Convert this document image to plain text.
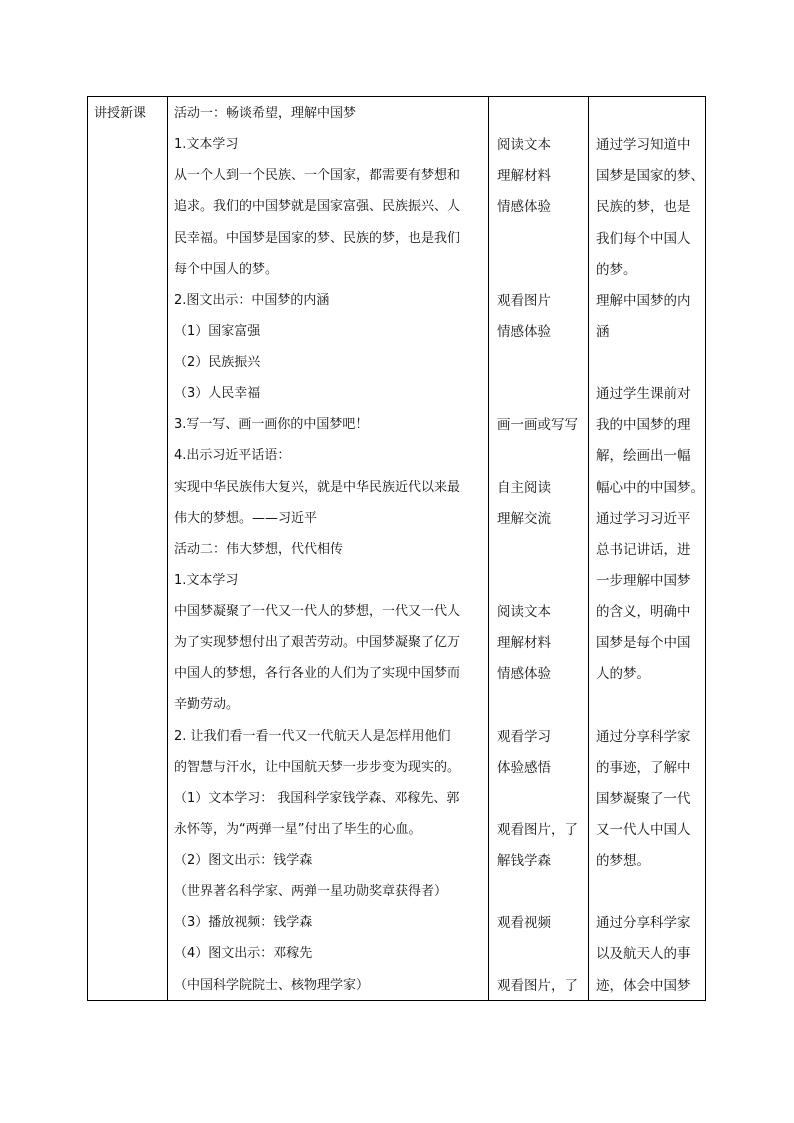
讲授新课 活动一：畅谈希望，理解中国梦
1.文本学习
从一个人到一个民族、一个国家，都需要有梦想和
追求。我们的中国梦就是国家富强、民族振兴、人
民幸福。中国梦是国家的梦、民族的梦，也是我们
每个中国人的梦。
2.图文出示：中国梦的内涵
（1）国家富强
（2）民族振兴
（3）人民幸福
3.写一写、画一画你的中国梦吧！
4.出示习近平话语：
实现中华民族伟大复兴，就是中华民族近代以来最
伟大的梦想。——习近平
活动二：伟大梦想，代代相传
1.文本学习
中国梦凝聚了一代又一代人的梦想，一代又一代人
为了实现梦想付出了艰苦劳动。中国梦凝聚了亿万
中国人的梦想，各行各业的人们为了实现中国梦而
辛勤劳动。
2. 让我们看一看一代又一代航天人是怎样用他们
的智慧与汗水，让中国航天梦一步步变为现实的。
（1）文本学习： 我国科学家钱学森、邓稼先、郭
永怀等，为“两弹一星”付出了毕生的心血。
（2）图文出示：钱学森
（世界著名科学家、两弹一星功勋奖章获得者）
（3）播放视频：钱学森
（4）图文出示：邓稼先
（中国科学院院士、核物理学家）
阅读文本
理解材料
情感体验
观看图片
情感体验
画一画或写写
自主阅读
理解交流
阅读文本
理解材料
情感体验
观看学习
体验感悟
观看图片，了
解钱学森
观看视频
观看图片，了
通过学习知道中
国梦是国家的梦、
民族的梦，也是
我们每个中国人
的梦。
理解中国梦的内
涵
通过学生课前对
我的中国梦的理
解，绘画出一幅
幅心中的中国梦。
通过学习习近平
总书记讲话，进
一步理解中国梦
的含义，明确中
国梦是每个中国
人的梦。
通过分享科学家
的事迹，了解中
国梦凝聚了一代
又一代人中国人
的梦想。
通过分享科学家
以及航天人的事
迹，体会中国梦
